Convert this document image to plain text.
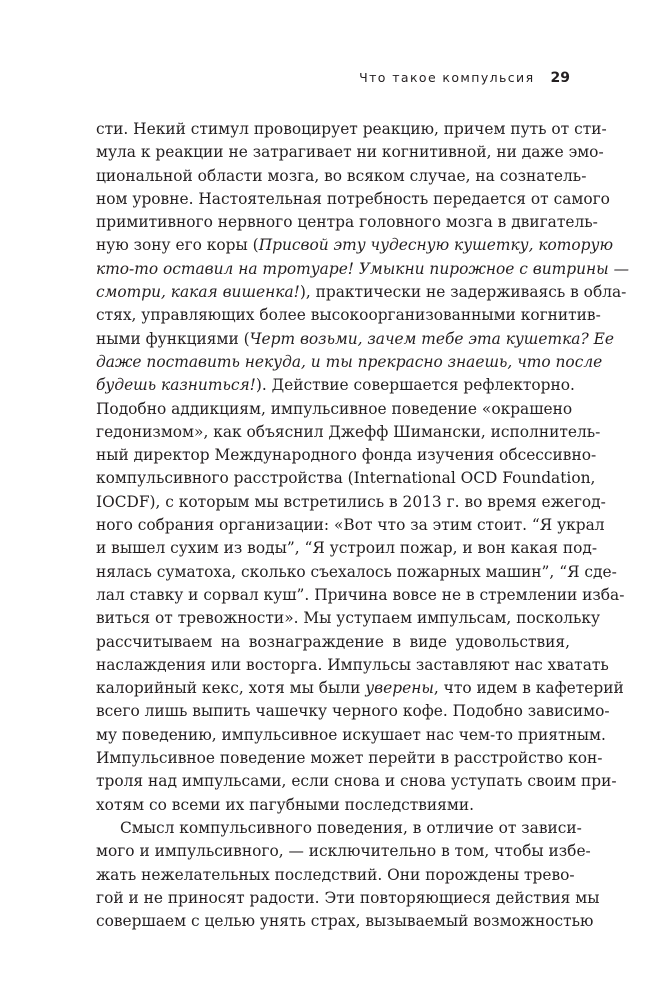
Что такое компульсия 29
сти. Некий стимул провоцирует реакцию, причем путь от сти-
мула к реакции не затрагивает ни когнитивной, ни даже эмо-
циональной области мозга, во всяком случае, на сознатель-
ном уровне. Настоятельная потребность передается от самого
примитивного нервного центра головного мозга в двигатель-
ную зону его коры (Присвой эту чудесную кушетку, которую
кто-то оставил на тротуаре! Умыкни пирожное с витрины —
смотри, какая вишенка!), практически не задерживаясь в обла-
стях, управляющих более высокоорганизованными когнитив-
ными функциями (Черт возьми, зачем тебе эта кушетка? Ее
даже поставить некуда, и ты прекрасно знаешь, что после
будешь казниться!). Действие совершается рефлекторно.
Подобно аддикциям, импульсивное поведение «окрашено
гедонизмом», как объяснил Джефф Шимански, исполнитель-
ный директор Международного фонда изучения обсессивно-
компульсивного расстройства (International OCD Foundation,
IOCDF), с которым мы встретились в 2013 г. во время ежегод-
ного собрания организации: «Вот что за этим стоит. “Я украл
и вышел сухим из воды”, “Я устроил пожар, и вон какая под-
нялась суматоха, сколько съехалось пожарных машин”, “Я сде-
лал ставку и сорвал куш”. Причина вовсе не в стремлении изба-
виться от тревожности». Мы уступаем импульсам, поскольку
рассчитываем на вознаграждение в виде удовольствия,
наслаждения или восторга. Импульсы заставляют нас хватать
калорийный кекс, хотя мы были уверены, что идем в кафетерий
всего лишь выпить чашечку черного кофе. Подобно зависимо-
му поведению, импульсивное искушает нас чем-то приятным.
Импульсивное поведение может перейти в расстройство кон-
троля над импульсами, если снова и снова уступать своим при-
хотям со всеми их пагубными последствиями.
Смысл компульсивного поведения, в отличие от зависи-
мого и импульсивного, — исключительно в том, чтобы избе-
жать нежелательных последствий. Они порождены трево-
гой и не приносят радости. Эти повторяющиеся действия мы
совершаем с целью унять страх, вызываемый возможностью
